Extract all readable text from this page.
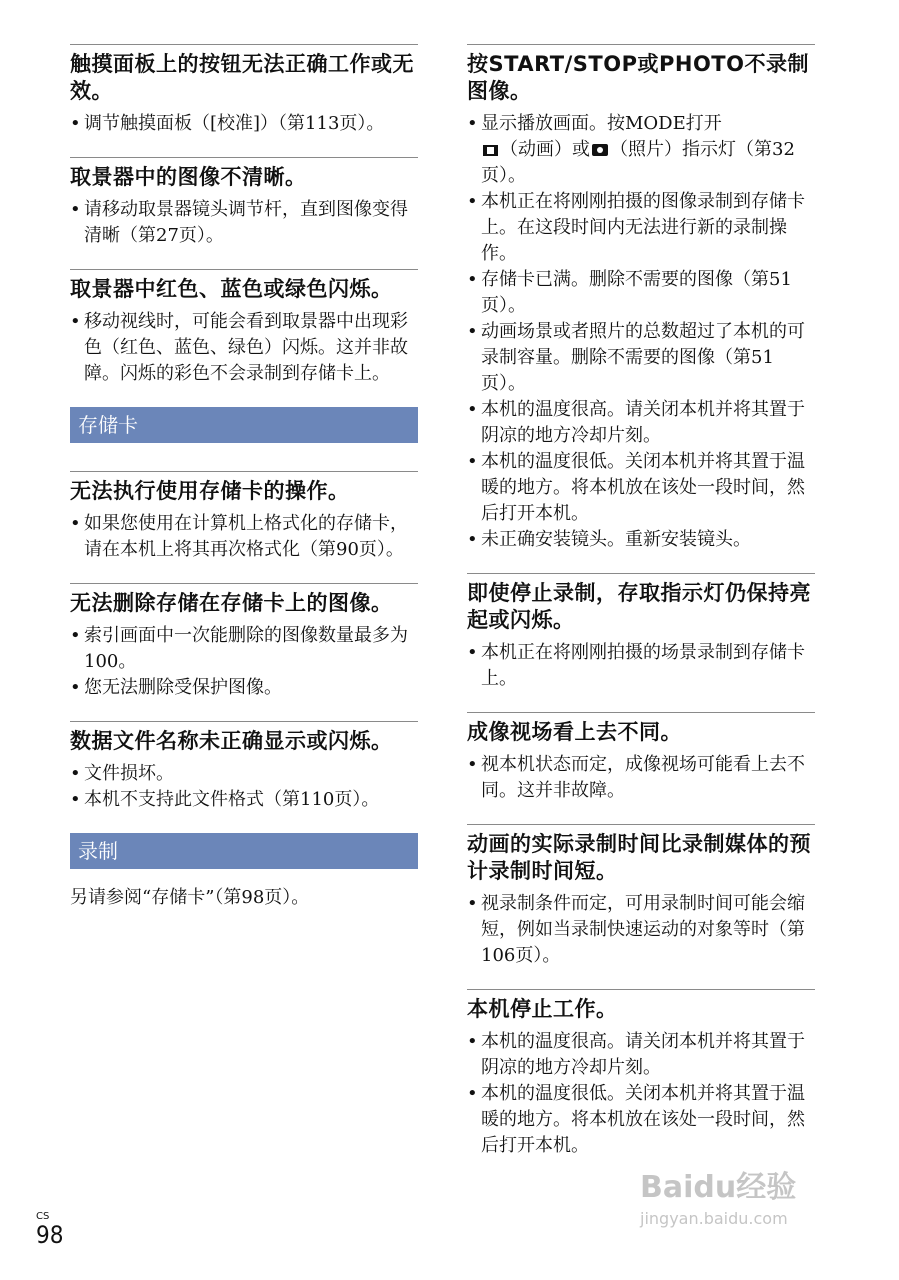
触摸面板上的按钮无法正确工作或无效。
• 调节触摸面板（[校准]）（第113页）。
取景器中的图像不清晰。
• 请移动取景器镜头调节杆，直到图像变得清晰（第27页）。
取景器中红色、蓝色或绿色闪烁。
• 移动视线时，可能会看到取景器中出现彩色（红色、蓝色、绿色）闪烁。这并非故障。闪烁的彩色不会录制到存储卡上。
存储卡
无法执行使用存储卡的操作。
• 如果您使用在计算机上格式化的存储卡，请在本机上将其再次格式化（第90页）。
无法删除存储在存储卡上的图像。
• 索引画面中一次能删除的图像数量最多为100。
• 您无法删除受保护图像。
数据文件名称未正确显示或闪烁。
• 文件损坏。
• 本机不支持此文件格式（第110页）。
录制

另请参阅“存储卡”（第98页）。

按START/STOP或PHOTO不录制图像。
• 显示播放画面。按MODE打开
（动画）或 （照片）指示灯（第32页）。
• 本机正在将刚刚拍摄的图像录制到存储卡上。在这段时间内无法进行新的录制操作。
• 存储卡已满。删除不需要的图像（第51页）。
• 动画场景或者照片的总数超过了本机的可录制容量。删除不需要的图像（第51页）。
• 本机的温度很高。请关闭本机并将其置于阴凉的地方冷却片刻。
• 本机的温度很低。关闭本机并将其置于温暖的地方。将本机放在该处一段时间，然后打开本机。
• 未正确安装镜头。重新安装镜头。
即使停止录制，存取指示灯仍保持亮起或闪烁。
• 本机正在将刚刚拍摄的场景录制到存储卡上。
成像视场看上去不同。
• 视本机状态而定，成像视场可能看上去不同。这并非故障。
动画的实际录制时间比录制媒体的预计录制时间短。
• 视录制条件而定，可用录制时间可能会缩短，例如当录制快速运动的对象等时（第106页）。
本机停止工作。
• 本机的温度很高。请关闭本机并将其置于阴凉的地方冷却片刻。
• 本机的温度很低。关闭本机并将其置于温暖的地方。将本机放在该处一段时间，然后打开本机。
CS
98
Baidu经验
jingyan.baidu.com
